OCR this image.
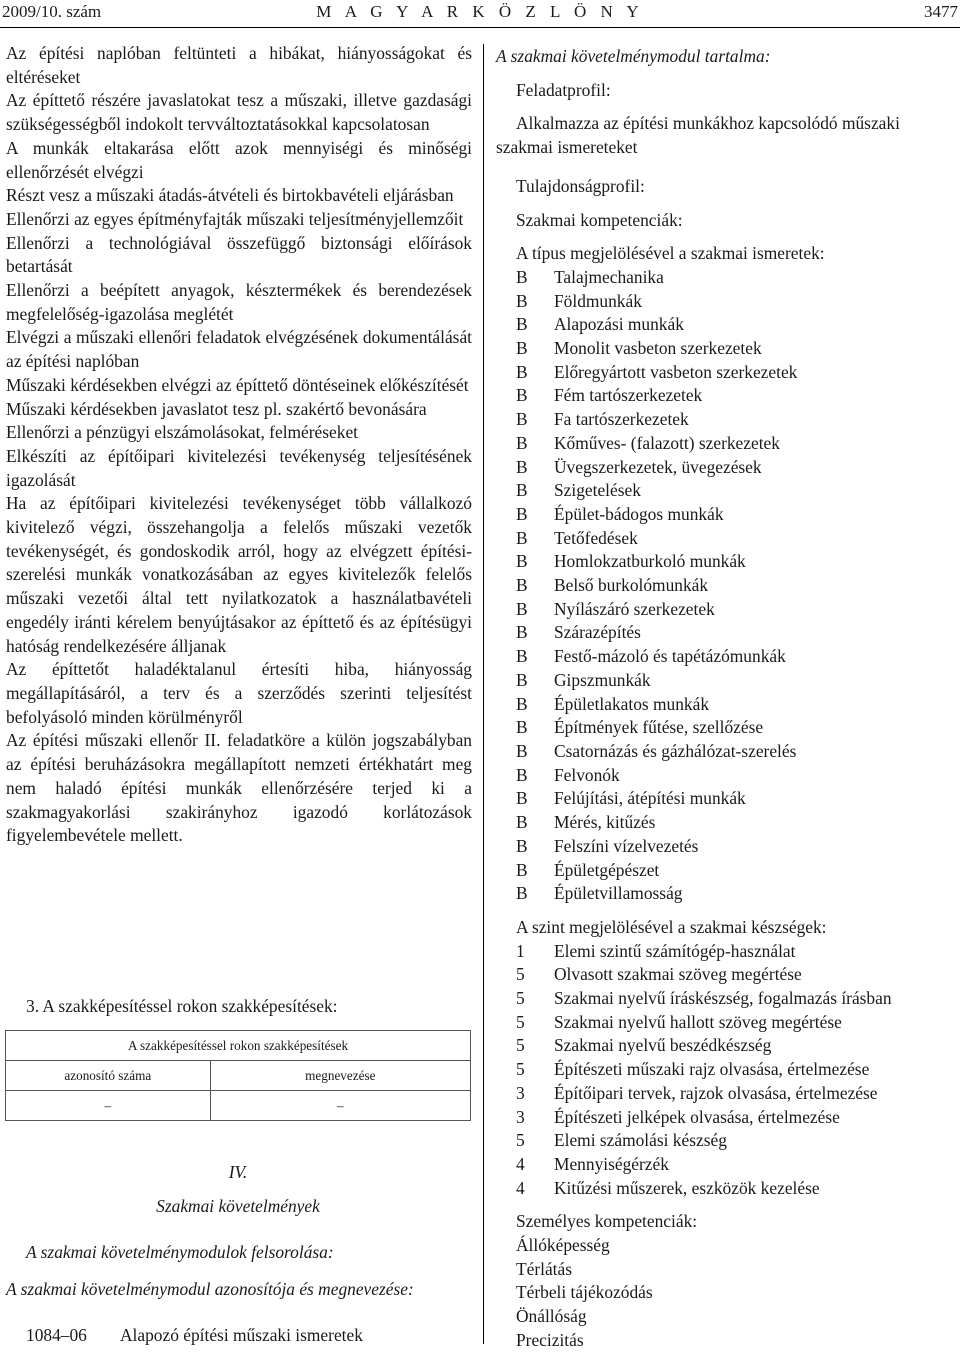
2009/10. szám	M A G Y A R K Ö Z L Ö N Y	3477
Az építési naplóban feltünteti a hibákat, hiányosságokat és eltéréseket
Az építtető részére javaslatokat tesz a műszaki, illetve gazdasági szükségességből indokolt tervváltoztatásokkal kapcsolatosan
A munkák eltakarása előtt azok mennyiségi és minőségi ellenőrzését elvégzi
Részt vesz a műszaki átadás-átvételi és birtokbavételi eljárásban
Ellenőrzi az egyes építményfajták műszaki teljesítményjellemzőit
Ellenőrzi a technológiával összefüggő biztonsági előírások betartását
Ellenőrzi a beépített anyagok, késztermékek és berendezések megfelelőség-igazolása meglétét
Elvégzi a műszaki ellenőri feladatok elvégzésének dokumentálását az építési naplóban
Műszaki kérdésekben elvégzi az építtető döntéseinek előkészítését
Műszaki kérdésekben javaslatot tesz pl. szakértő bevonására
Ellenőrzi a pénzügyi elszámolásokat, felméréseket
Elkészíti az építőipari kivitelezési tevékenység teljesítésének igazolását
Ha az építőipari kivitelezési tevékenységet több vállalkozó kivitelező végzi, összehangolja a felelős műszaki vezetők tevékenységét, és gondoskodik arról, hogy az elvégzett építési-szerelési munkák vonatkozásában az egyes kivitelezők felelős műszaki vezetői által tett nyilatkozatok a használatbavételi engedély iránti kérelem benyújtásakor az építtető és az építésügyi hatóság rendelkezésére álljanak
Az építtetőt haladéktalanul értesíti hiba, hiányosság megállapításáról, a terv és a szerződés szerinti teljesítést befolyásoló minden körülményről
Az építési műszaki ellenőr II. feladatköre a külön jogszabályban az építési beruházásokra megállapított nemzeti értékhatárt meg nem haladó építési munkák ellenőrzésére terjed ki a szakmagyakorlási szakirányhoz igazodó korlátozások figyelembevétele mellett.
3. A szakképesítéssel rokon szakképesítések:
A szakképesítéssel rokon szakképesítések	
azonosító száma	megnevezése
–	–
IV.
Szakmai követelmények
A szakmai követelménymodulok felsorolása:
A szakmai követelménymodul azonosítója és megnevezése:
1084–06 Alapozó építési műszaki ismeretek
A szakmai követelménymodul tartalma:
Feladatprofil:
Alkalmazza az építési munkákhoz kapcsolódó műszaki szakmai ismereteket
Tulajdonságprofil:
Szakmai kompetenciák:
A típus megjelölésével a szakmai ismeretek:
B	Talajmechanika
B	Földmunkák
B	Alapozási munkák
B	Monolit vasbeton szerkezetek
B	Előregyártott vasbeton szerkezetek
B	Fém tartószerkezetek
B	Fa tartószerkezetek
B	Kőműves- (falazott) szerkezetek
B	Üvegszerkezetek, üvegezések
B	Szigetelések
B	Épület-bádogos munkák
B	Tetőfedések
B	Homlokzatburkoló munkák
B	Belső burkolómunkák
B	Nyílászáró szerkezetek
B	Szárazépítés
B	Festő-mázoló és tapétázómunkák
B	Gipszmunkák
B	Épületlakatos munkák
B	Építmények fűtése, szellőzése
B	Csatornázás és gázhálózat-szerelés
B	Felvonók
B	Felújítási, átépítési munkák
B	Mérés, kitűzés
B	Felszíni vízelvezetés
B	Épületgépészet
B	Épületvillamosság
A szint megjelölésével a szakmai készségek:
1	Elemi szintű számítógép-használat
5	Olvasott szakmai szöveg megértése
5	Szakmai nyelvű íráskészség, fogalmazás írásban
5	Szakmai nyelvű hallott szöveg megértése
5	Szakmai nyelvű beszédkészség
5	Építészeti műszaki rajz olvasása, értelmezése
3	Építőipari tervek, rajzok olvasása, értelmezése
3	Építészeti jelképek olvasása, értelmezése
5	Elemi számolási készség
4	Mennyiségérzék
4	Kitűzési műszerek, eszközök kezelése
Személyes kompetenciák:
Állóképesség
Térlátás
Térbeli tájékozódás
Önállóság
Precizitás
